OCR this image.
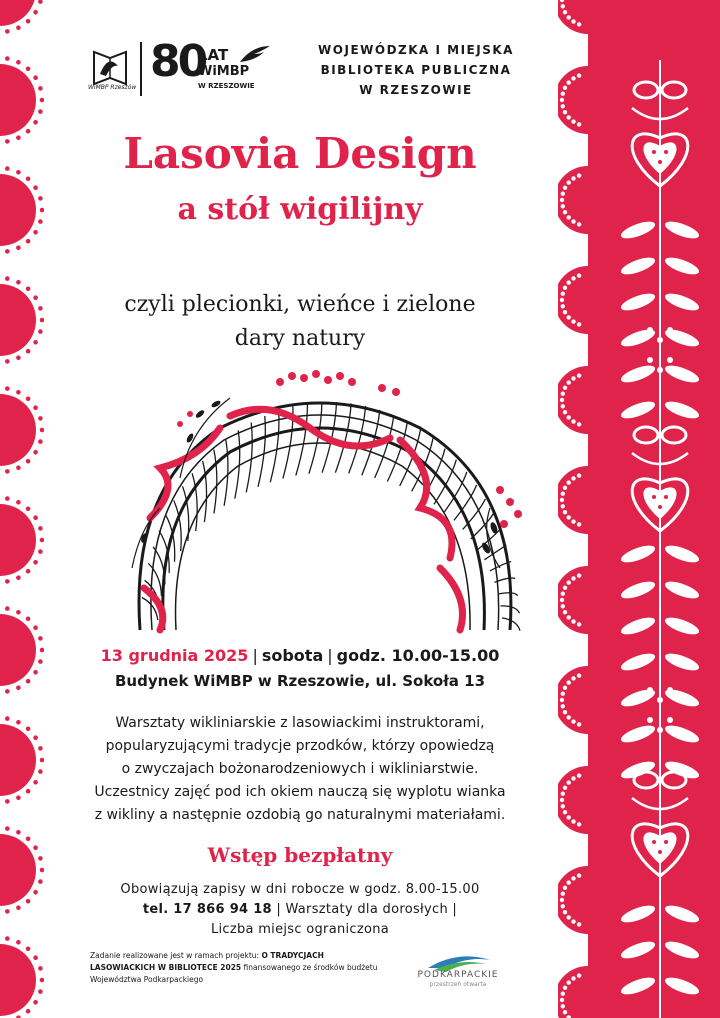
WiMBP Rzeszów
80
LAT
WiMBP
W RZESZOWIE
WOJEWÓDZKA I MIEJSKA
BIBLIOTEKA PUBLICZNA
W RZESZOWIE
Lasovia Design
a stół wigilijny
czyli plecionki, wieńce i zielone
dary natury
13 grudnia 2025 | sobota | godz. 10.00-15.00
Budynek WiMBP w Rzeszowie, ul. Sokoła 13
Warsztaty wikliniarskie z lasowiackimi instruktorami,
popularyzującymi tradycje przodków, którzy opowiedzą
o zwyczajach bożonarodzeniowych i wikliniarstwie.
Uczestnicy zajęć pod ich okiem nauczą się wyplotu wianka
z wikliny a następnie ozdobią go naturalnymi materiałami.
Wstęp bezpłatny
Obowiązują zapisy w dni robocze w godz. 8.00-15.00
tel. 17 866 94 18 | Warsztaty dla dorosłych |
Liczba miejsc ograniczona
Zadanie realizowane jest w ramach projektu: O TRADYCJACH LASOWIACKICH W BIBLIOTECE 2025 finansowanego ze środków budżetu Województwa Podkarpackiego	PODKARPACKIE
przestrzeń otwarta
